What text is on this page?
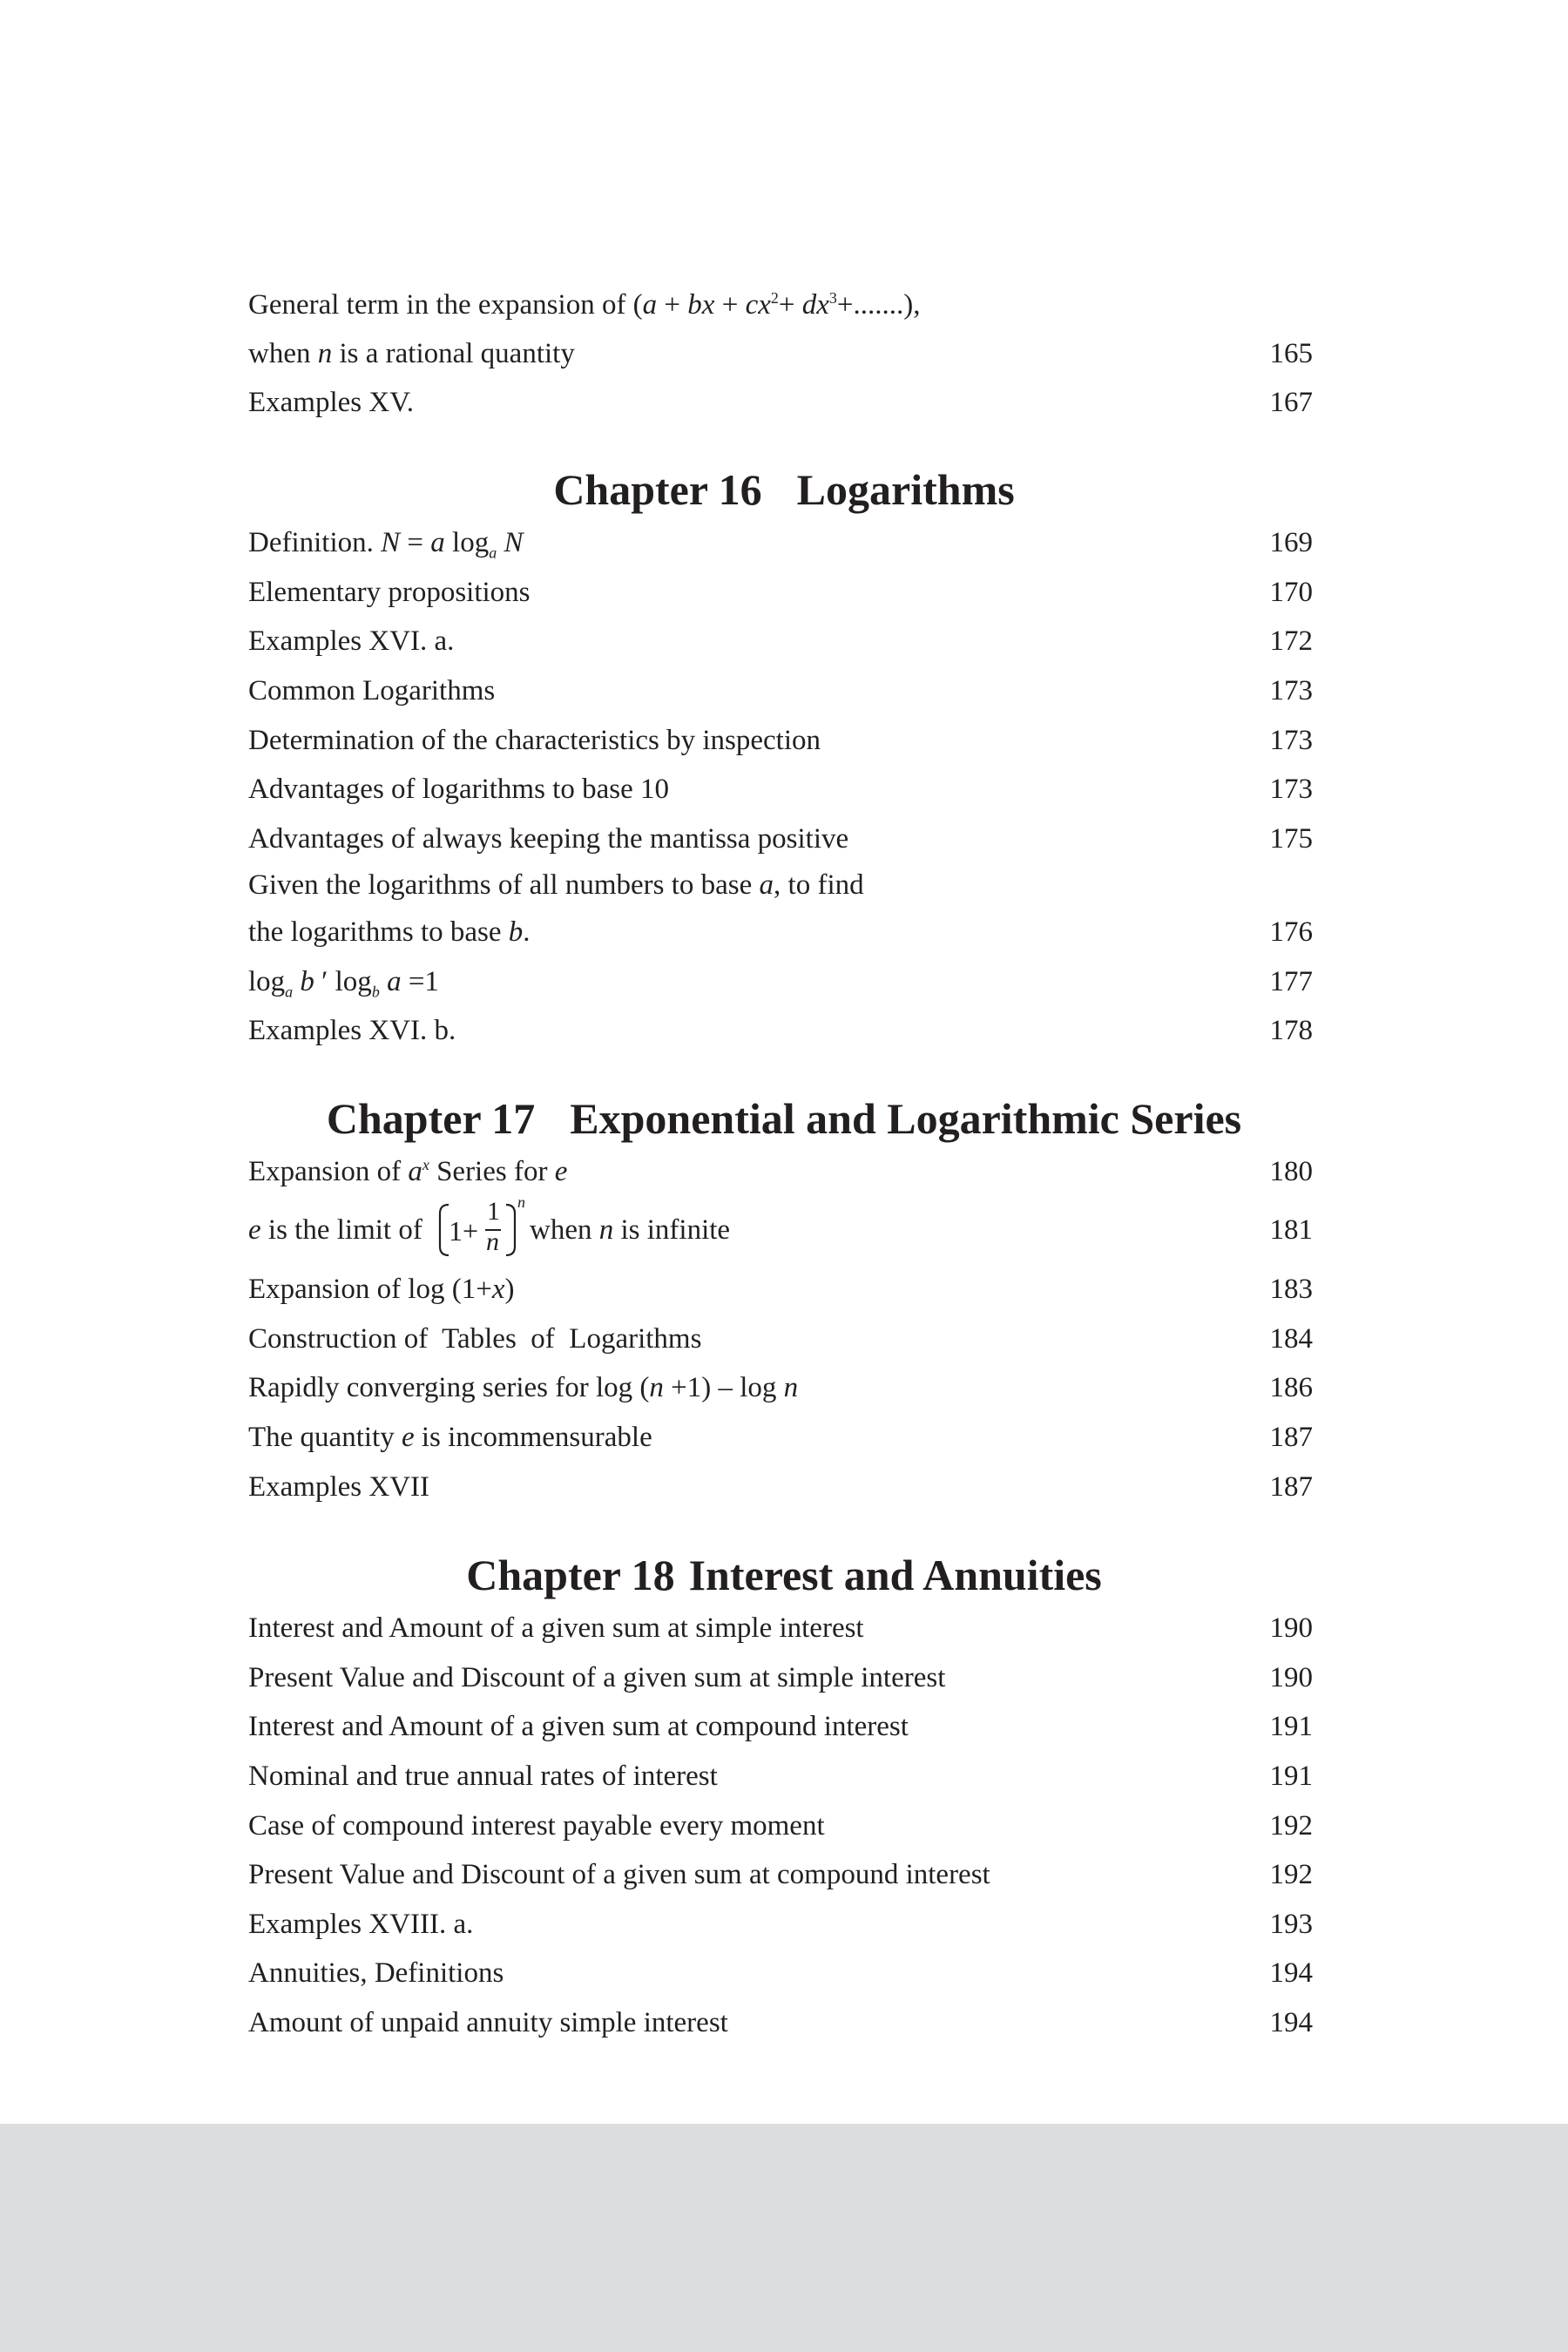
General term in the expansion of (a + bx + $cx^2+ dx^3+$.......),
when n is a rational quantity	165
Examples XV.	167
Chapter 16 Logarithms
Definition. N = a $\log_a N$	169
Elementary propositions	170
Examples XVI. a.	172
Common Logarithms	173
Determination of the characteristics by inspection	173
Advantages of logarithms to base 10	173
Advantages of always keeping the mantissa positive	175
Given the logarithms of all numbers to base a, to find
the logarithms to base b.	176
$\log_a b$ ′ $\log_b a =1$	177
Examples XVI. b.	178
Chapter 17 Exponential and Logarithmic Series
Expansion of $a^x$ Series for e	180
e is the limit of 1+
1
n
n
when n is infinite	181
Expansion of log (1+x)	183
Construction of  Tables  of  Logarithms	184
Rapidly converging series for log (n +1) – log n	186
The quantity e is incommensurable	187
Examples XVII	187
Chapter 18 Interest and Annuities
Interest and Amount of a given sum at simple interest	190
Present Value and Discount of a given sum at simple interest	190
Interest and Amount of a given sum at compound interest	191
Nominal and true annual rates of interest	191
Case of compound interest payable every moment	192
Present Value and Discount of a given sum at compound interest	192
Examples XVIII. a.	193
Annuities, Definitions	194
Amount of unpaid annuity simple interest	194
